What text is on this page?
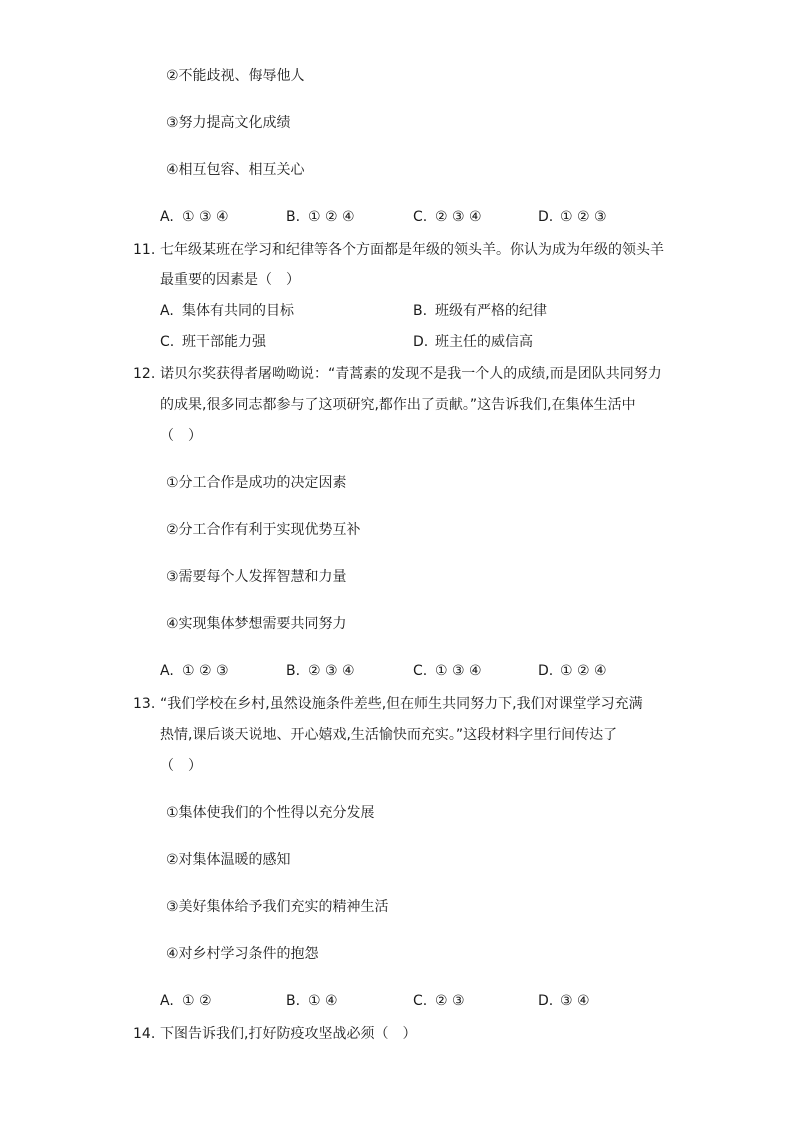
②不能歧视、侮辱他人
③努力提高文化成绩
④相互包容、相互关心
A. ① ③ ④	B. ① ② ④	C. ② ③ ④	D. ① ② ③
11. 七年级某班在学习和纪律等各个方面都是年级的领头羊。你认为成为年级的领头羊
最重要的因素是（　）
A. 集体有共同的目标	B. 班级有严格的纪律
C. 班干部能力强	D. 班主任的威信高
12. 诺贝尔奖获得者屠呦呦说：“青蒿素的发现不是我一个人的成绩,而是团队共同努力
的成果,很多同志都参与了这项研究,都作出了贡献。”这告诉我们,在集体生活中
（　）
①分工合作是成功的决定因素
②分工合作有利于实现优势互补
③需要每个人发挥智慧和力量
④实现集体梦想需要共同努力
A. ① ② ③	B. ② ③ ④	C. ① ③ ④	D. ① ② ④
13. “我们学校在乡村,虽然设施条件差些,但在师生共同努力下,我们对课堂学习充满
热情,课后谈天说地、开心嬉戏,生活愉快而充实。”这段材料字里行间传达了
（　）
①集体使我们的个性得以充分发展
②对集体温暖的感知
③美好集体给予我们充实的精神生活
④对乡村学习条件的抱怨
A. ① ②	B. ① ④	C. ② ③	D. ③ ④
14. 下图告诉我们,打好防疫攻坚战必须（　）
